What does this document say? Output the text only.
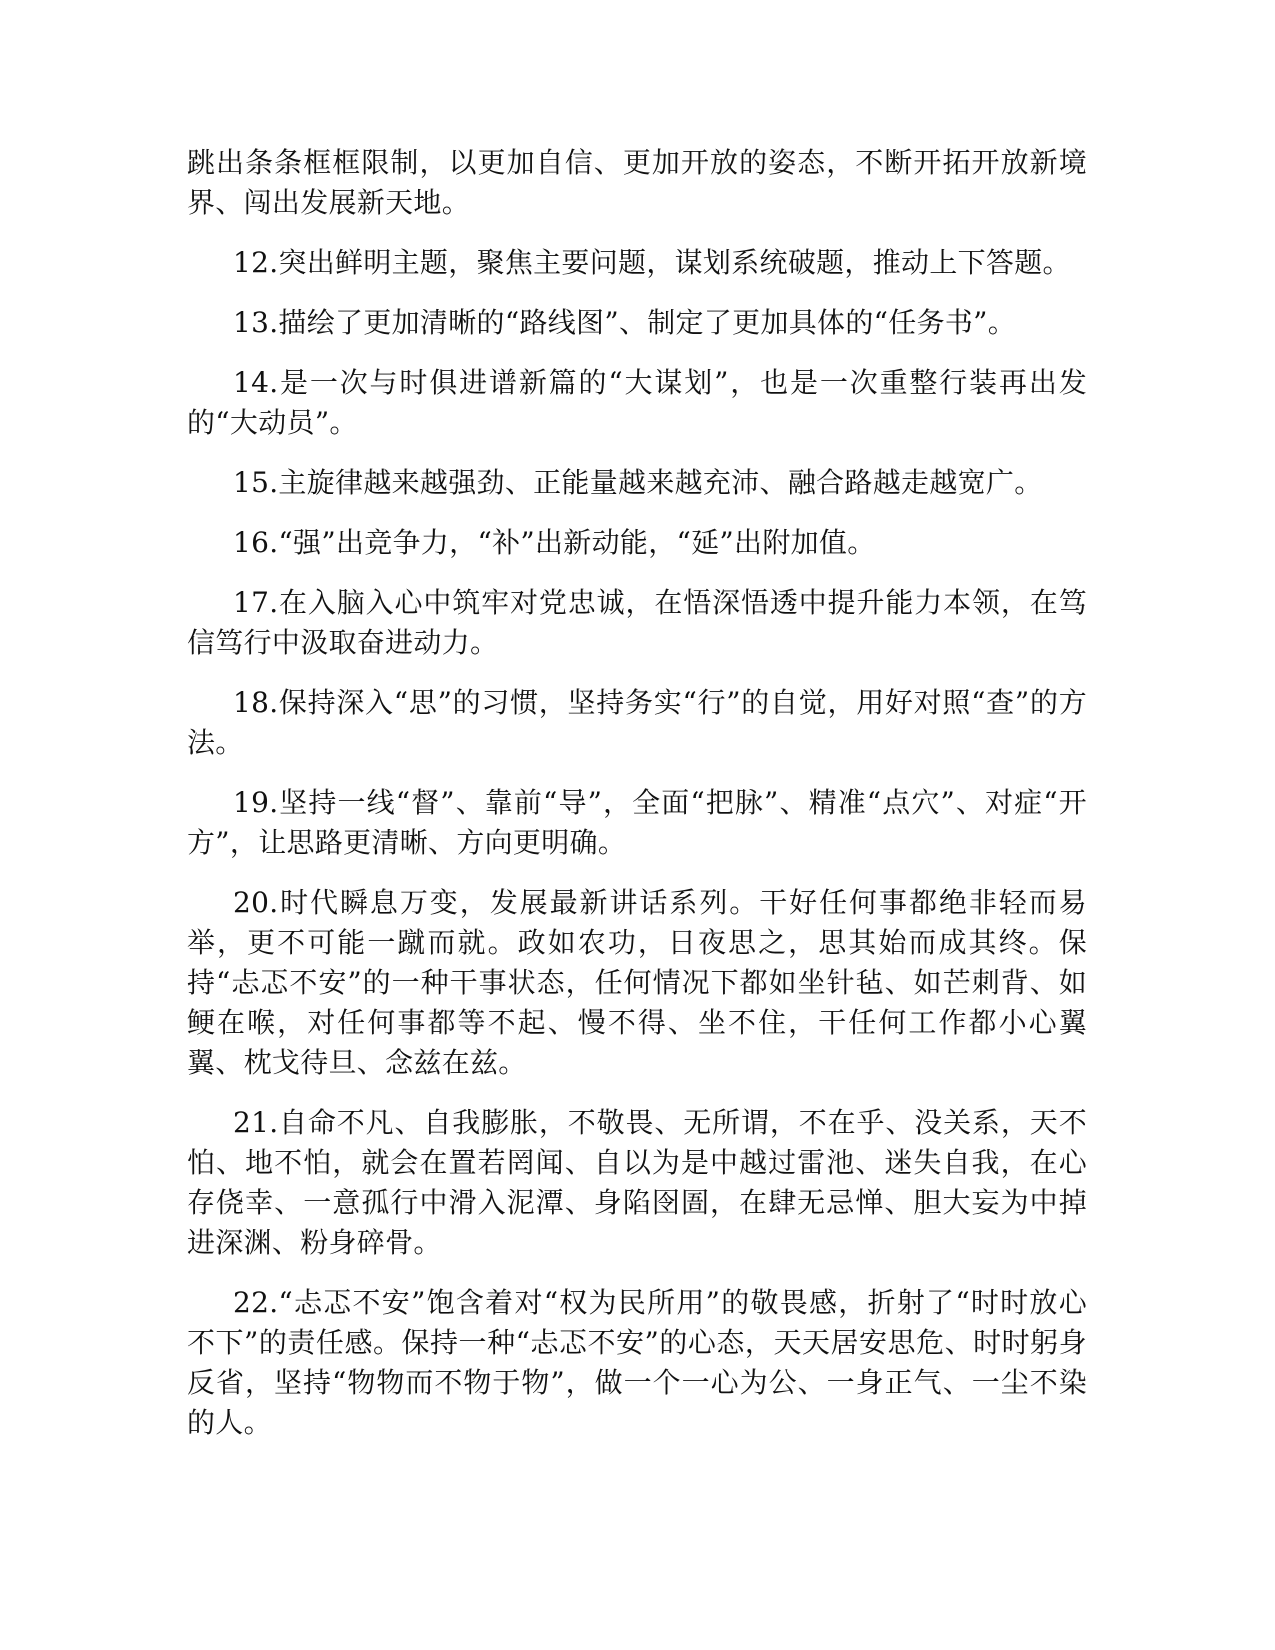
跳出条条框框限制，以更加自信、更加开放的姿态，不断开拓开放新境界、闯出发展新天地。

12.突出鲜明主题，聚焦主要问题，谋划系统破题，推动上下答题。

13.描绘了更加清晰的“路线图”、制定了更加具体的“任务书”。

14.是一次与时俱进谱新篇的“大谋划”，也是一次重整行装再出发的“大动员”。

15.主旋律越来越强劲、正能量越来越充沛、融合路越走越宽广。

16.“强”出竞争力，“补”出新动能，“延”出附加值。

17.在入脑入心中筑牢对党忠诚，在悟深悟透中提升能力本领，在笃信笃行中汲取奋进动力。

18.保持深入“思”的习惯，坚持务实“行”的自觉，用好对照“查”的方法。

19.坚持一线“督”、靠前“导”，全面“把脉”、精准“点穴”、对症“开方”，让思路更清晰、方向更明确。

20.时代瞬息万变，发展最新讲话系列。干好任何事都绝非轻而易举，更不可能一蹴而就。政如农功，日夜思之，思其始而成其终。保持“忐忑不安”的一种干事状态，任何情况下都如坐针毡、如芒刺背、如鲠在喉，对任何事都等不起、慢不得、坐不住，干任何工作都小心翼翼、枕戈待旦、念兹在兹。

21.自命不凡、自我膨胀，不敬畏、无所谓，不在乎、没关系，天不怕、地不怕，就会在置若罔闻、自以为是中越过雷池、迷失自我，在心存侥幸、一意孤行中滑入泥潭、身陷囹圄，在肆无忌惮、胆大妄为中掉进深渊、粉身碎骨。

22.“忐忑不安”饱含着对“权为民所用”的敬畏感，折射了“时时放心不下”的责任感。保持一种“忐忑不安”的心态，天天居安思危、时时躬身反省，坚持“物物而不物于物”，做一个一心为公、一身正气、一尘不染的人。
